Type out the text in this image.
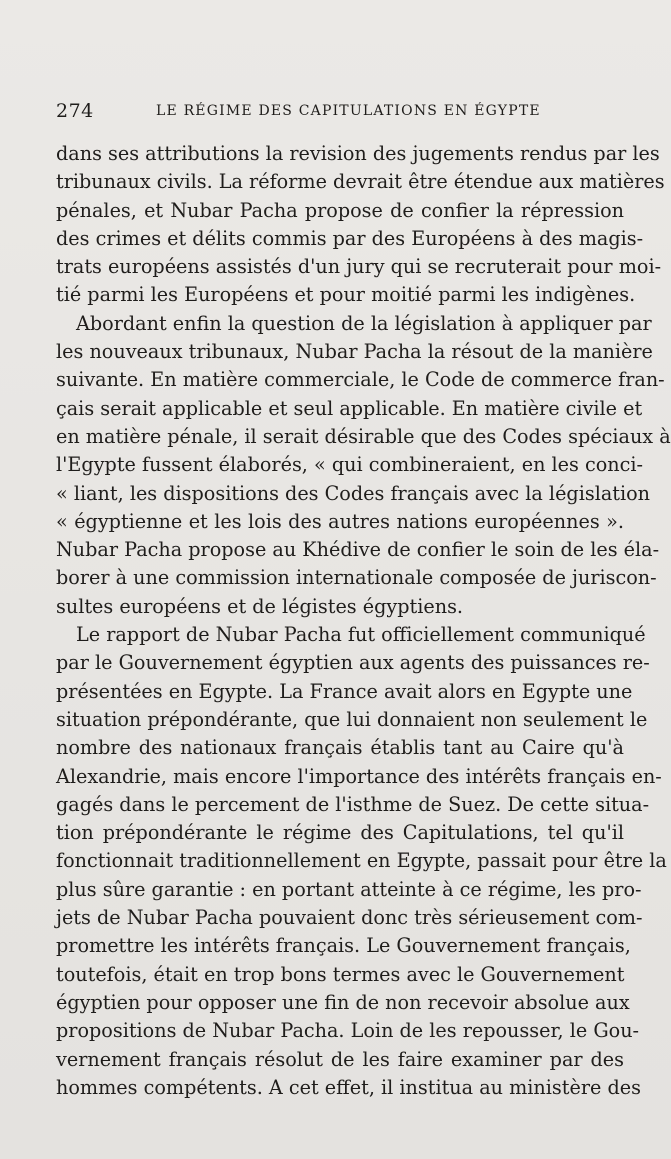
274	LE RÉGIME DES CAPITULATIONS EN ÉGYPTE
dans ses attributions la revision des jugements rendus par les
tribunaux civils. La réforme devrait être étendue aux matières
pénales, et Nubar Pacha propose de confier la répression
des crimes et délits commis par des Européens à des magis-
trats européens assistés d'un jury qui se recruterait pour moi-
tié parmi les Européens et pour moitié parmi les indigènes.
Abordant enfin la question de la législation à appliquer par
les nouveaux tribunaux, Nubar Pacha la résout de la manière
suivante. En matière commerciale, le Code de commerce fran-
çais serait applicable et seul applicable. En matière civile et
en matière pénale, il serait désirable que des Codes spéciaux à
l'Egypte fussent élaborés, « qui combineraient, en les conci-
« liant, les dispositions des Codes français avec la législation
« égyptienne et les lois des autres nations européennes ».
Nubar Pacha propose au Khédive de confier le soin de les éla-
borer à une commission internationale composée de juriscon-
sultes européens et de légistes égyptiens.
Le rapport de Nubar Pacha fut officiellement communiqué
par le Gouvernement égyptien aux agents des puissances re-
présentées en Egypte. La France avait alors en Egypte une
situation prépondérante, que lui donnaient non seulement le
nombre des nationaux français établis tant au Caire qu'à
Alexandrie, mais encore l'importance des intérêts français en-
gagés dans le percement de l'isthme de Suez. De cette situa-
tion prépondérante le régime des Capitulations, tel qu'il
fonctionnait traditionnellement en Egypte, passait pour être la
plus sûre garantie : en portant atteinte à ce régime, les pro-
jets de Nubar Pacha pouvaient donc très sérieusement com-
promettre les intérêts français. Le Gouvernement français,
toutefois, était en trop bons termes avec le Gouvernement
égyptien pour opposer une fin de non recevoir absolue aux
propositions de Nubar Pacha. Loin de les repousser, le Gou-
vernement français résolut de les faire examiner par des
hommes compétents. A cet effet, il institua au ministère des
